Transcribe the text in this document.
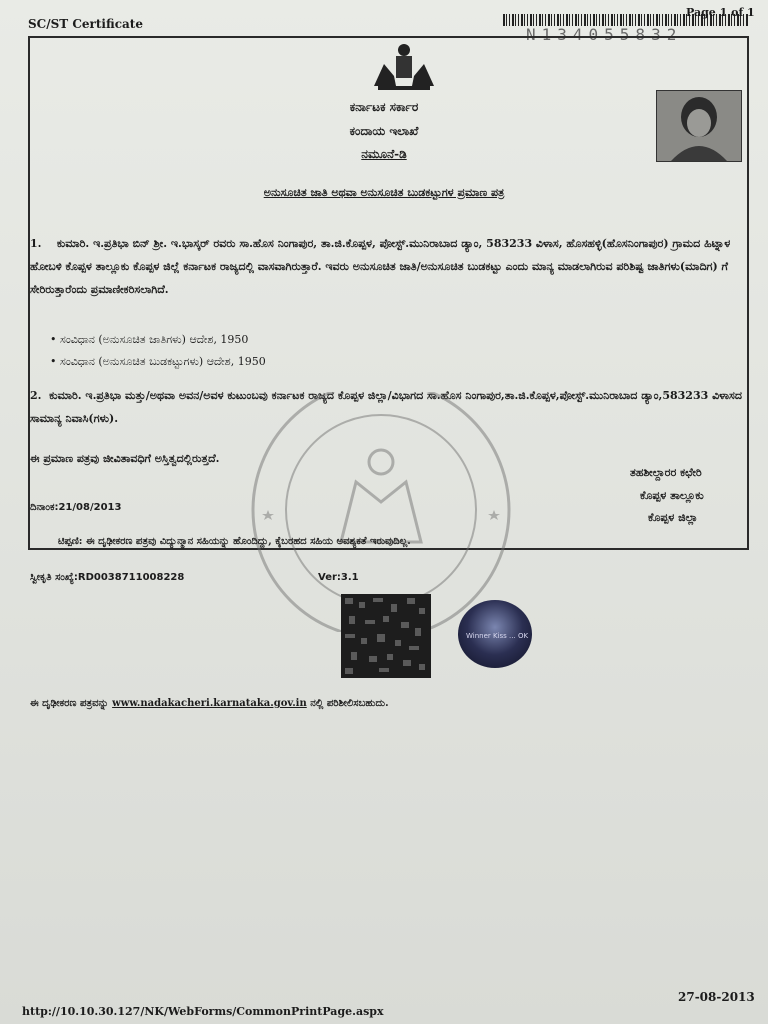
SC/ST Certificate
Page 1 of 1
N134055832
ಕರ್ನಾಟಕ ಸರ್ಕಾರ
ಕಂದಾಯ ಇಲಾಖೆ
ನಮೂನೆ-ಡಿ
ಅನುಸೂಚಿತ ಜಾತಿ ಅಥವಾ ಅನುಸೂಚಿತ ಬುಡಕಟ್ಟುಗಳ ಪ್ರಮಾಣ ಪತ್ರ
1. ಕುಮಾರಿ. ಇ.ಪ್ರತಿಭಾ ಬಿನ್ ಶ್ರೀ. ಇ.ಭಾಸ್ಕರ್ ರವರು ಸಾ.ಹೊಸ ನಿಂಗಾಪುರ, ತಾ.ಜಿ.ಕೊಪ್ಪಳ, ಪೋಸ್ಟ್.ಮುನಿರಾಬಾದ ಡ್ಯಾಂ, 583233 ವಿಳಾಸ, ಹೊಸಹಳ್ಳಿ(ಹೊಸನಿಂಗಾಪುರ) ಗ್ರಾಮದ ಹಿಟ್ನಾಳ ಹೋಬಳಿ ಕೊಪ್ಪಳ ತಾಲ್ಲೂಕು ಕೊಪ್ಪಳ ಜಿಲ್ಲೆ ಕರ್ನಾಟಕ ರಾಜ್ಯದಲ್ಲಿ ವಾಸವಾಗಿರುತ್ತಾರೆ. ಇವರು ಅನುಸೂಚಿತ ಜಾತಿ/ಅನುಸೂಚಿತ ಬುಡಕಟ್ಟು ಎಂದು ಮಾನ್ಯ ಮಾಡಲಾಗಿರುವ ಪರಿಶಿಷ್ಟ ಜಾತಿಗಳು(ಮಾದಿಗ) ಗೆ ಸೇರಿರುತ್ತಾರೆಂದು ಪ್ರಮಾಣೀಕರಿಸಲಾಗಿದೆ.
• ಸಂವಿಧಾನ (ಅನುಸೂಚಿತ ಜಾತಿಗಳು) ಆದೇಶ, 1950
• ಸಂವಿಧಾನ (ಅನುಸೂಚಿತ ಬುಡಕಟ್ಟುಗಳು) ಆದೇಶ, 1950
2. ಕುಮಾರಿ. ಇ.ಪ್ರತಿಭಾ ಮತ್ತು/ಅಥವಾ ಅವನ/ಅವಳ ಕುಟುಂಬವು ಕರ್ನಾಟಕ ರಾಜ್ಯದ ಕೊಪ್ಪಳ ಜಿಲ್ಲಾ/ವಿಭಾಗದ ಸಾ.ಹೊಸ ನಿಂಗಾಪುರ,ತಾ.ಜಿ.ಕೊಪ್ಪಳ,ಪೋಸ್ಟ್.ಮುನಿರಾಬಾದ ಡ್ಯಾಂ,583233 ವಿಳಾಸದ ಸಾಮಾನ್ಯ ನಿವಾಸಿ(ಗಳು).
ಈ ಪ್ರಮಾಣ ಪತ್ರವು ಜೀವಿತಾವಧಿಗೆ ಅಸ್ತಿತ್ವದಲ್ಲಿರುತ್ತದೆ.
ತಹಶೀಲ್ದಾರರ ಕಛೇರಿ
ಕೊಪ್ಪಳ ತಾಲ್ಲೂಕು
ಕೊಪ್ಪಳ ಜಿಲ್ಲಾ
ದಿನಾಂಕ:21/08/2013
ಟಿಪ್ಪಣಿ: ಈ ದೃಢೀಕರಣ ಪತ್ರವು ವಿದ್ಯುನ್ಮಾನ ಸಹಿಯನ್ನು ಹೊಂದಿದ್ದು, ಕೈಬರಹದ ಸಹಿಯ ಅವಶ್ಯಕತೆ ಇರುವುದಿಲ್ಲ.
ಸ್ವೀಕೃತಿ ಸಂಖ್ಯೆ:RD0038711008228	Ver:3.1
Winner Kiss ... OK
ಈ ದೃಢೀಕರಣ ಪತ್ರವನ್ನು www.nadakacheri.karnataka.gov.in ನಲ್ಲಿ ಪರಿಶೀಲಿಸಬಹುದು.
http://10.10.30.127/NK/WebForms/CommonPrintPage.aspx
27-08-2013
